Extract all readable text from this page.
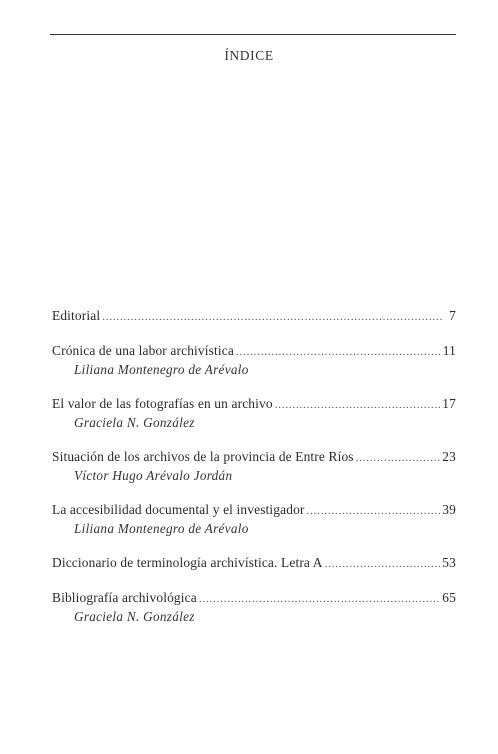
ÍNDICE
Editorial .....	7
Crónica de una labor archivística .....	11
Liliana Montenegro de Arévalo
El valor de las fotografías en un archivo .....	17
Graciela N. González
Situación de los archivos de la provincia de Entre Ríos .....	23
Víctor Hugo Arévalo Jordán
La accesibilidad documental y el investigador .....	39
Liliana Montenegro de Arévalo
Diccionario de terminología archivística. Letra A .....	53
Bibliografía archivológica .....	65
Graciela N. González
